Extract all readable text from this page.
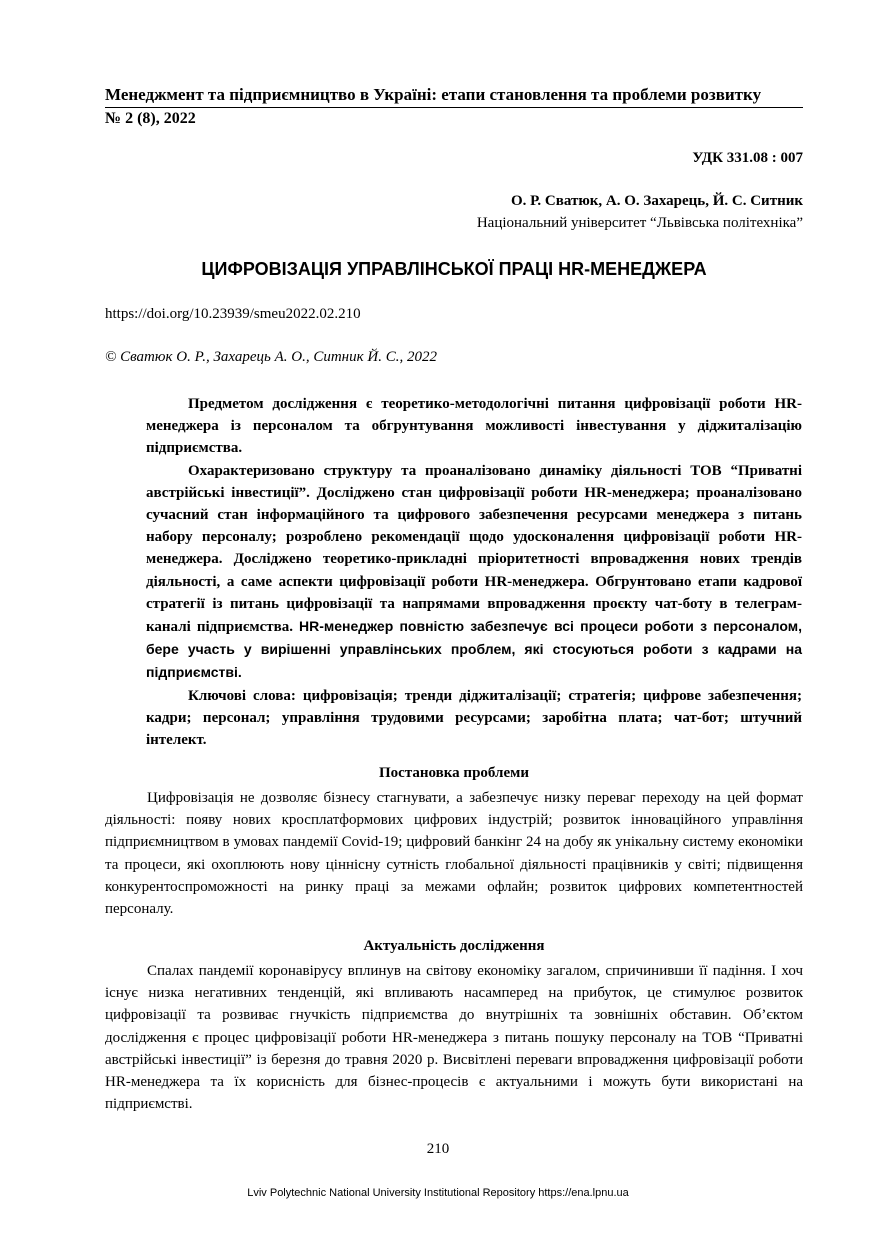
Менеджмент та підприємництво в Україні: етапи становлення та проблеми розвитку
№ 2 (8), 2022
УДК 331.08 : 007
О. Р. Сватюк, А. О. Захарець, Й. С. Ситник
Національний університет “Львівська політехніка”
ЦИФРОВІЗАЦІЯ УПРАВЛІНСЬКОЇ ПРАЦІ HR-МЕНЕДЖЕРА
https://doi.org/10.23939/smeu2022.02.210
© Сватюк О. Р., Захарець А. О., Ситник Й. С., 2022

Предметом дослідження є теоретико-методологічні питання цифровізації роботи HR-менеджера із персоналом та обгрунтування можливості інвестування у діджиталізацію підприємства.

Охарактеризовано структуру та проаналізовано динаміку діяльності ТОВ “Приватні австрійські інвестиції”. Досліджено стан цифровізації роботи HR-менеджера; проаналізовано сучасний стан інформаційного та цифрового забезпечення ресурсами менеджера з питань набору персоналу; розроблено рекомендації щодо удосконалення цифровізації роботи HR-менеджера. Досліджено теоретико-прикладні пріоритетності впровадження нових трендів діяльності, а саме аспекти цифровізації роботи HR-менеджера. Обгрунтовано етапи кадрової стратегії із питань цифровізації та напрямами впровадження проєкту чат-боту в телеграм-каналі підприємства. HR-менеджер повністю забезпечує всі процеси роботи з персоналом, бере участь у вирішенні управлінських проблем, які стосуються роботи з кадрами на підприємстві.

Ключові слова: цифровізація; тренди діджиталізації; стратегія; цифрове забезпечення; кадри; персонал; управління трудовими ресурсами; заробітна плата; чат-бот; штучний інтелект.

Постановка проблеми

Цифровізація не дозволяє бізнесу стагнувати, а забезпечує низку переваг переходу на цей формат діяльності: появу нових кросплатформових цифрових індустрій; розвиток інноваційного управління підприємництвом в умовах пандемії Covid-19; цифровий банкінг 24 на добу як унікальну систему економіки та процеси, які охоплюють нову ціннісну сутність глобальної діяльності працівників у світі; підвищення конкурентоспроможності на ринку праці за межами офлайн; розвиток цифрових компетентностей персоналу.

Актуальність дослідження

Спалах пандемії коронавірусу вплинув на світову економіку загалом, спричинивши її падіння. І хоч існує низка негативних тенденцій, які впливають насамперед на прибуток, це стимулює розвиток цифровізації та розвиває гнучкість підприємства до внутрішніх та зовнішніх обставин. Об’єктом дослідження є процес цифровізації роботи HR-менеджера з питань пошуку персоналу на ТОВ “Приватні австрійські інвестиції” із березня до травня 2020 р. Висвітлені переваги впровадження цифровізації роботи HR-менеджера та їх корисність для бізнес-процесів є актуальними і можуть бути використані на підприємстві.

210
Lviv Polytechnic National University Institutional Repository https://ena.lpnu.ua
